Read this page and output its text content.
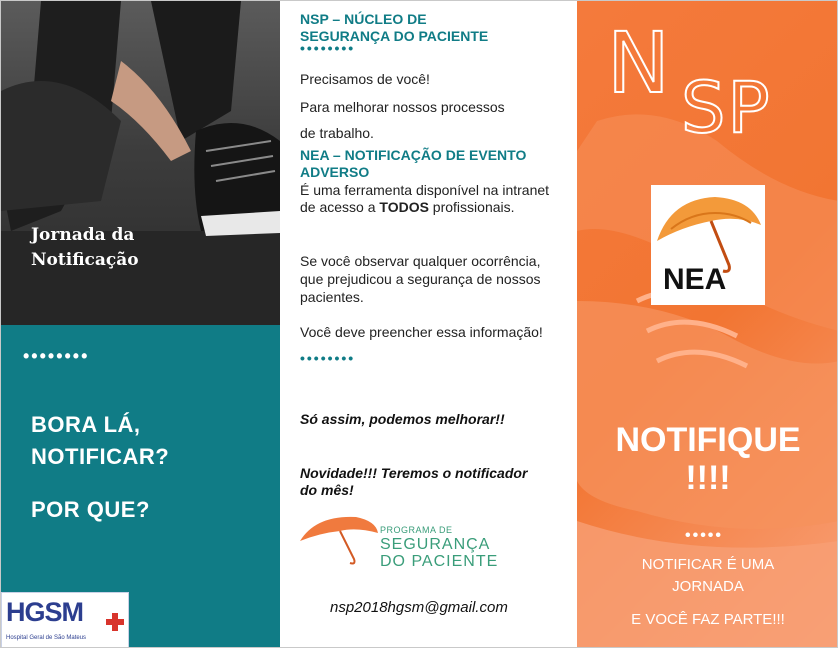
Jornada da
Notificação
••••••••
BORA LÁ,
NOTIFICAR?
POR QUE?
HGSM
Hospital Geral de São Mateus
NSP – NÚCLEO DE
SEGURANÇA DO PACIENTE
••••••••
Precisamos de você!
Para melhorar nossos processos
de trabalho.
NEA – NOTIFICAÇÃO DE EVENTO ADVERSO
É uma ferramenta disponível na intranet de acesso a TODOS profissionais.
Se você observar qualquer ocorrência, que prejudicou a segurança de nossos pacientes.
Você deve preencher essa informação!
••••••••
Só assim, podemos melhorar!!
Novidade!!! Teremos o notificador do mês!
PROGRAMA DE
SEGURANÇA
DO PACIENTE
nsp2018hgsm@gmail.com
N SP
NEA
NOTIFIQUE
!!!!
•••••
NOTIFICAR É UMA
JORNADA
E VOCÊ FAZ PARTE!!!
